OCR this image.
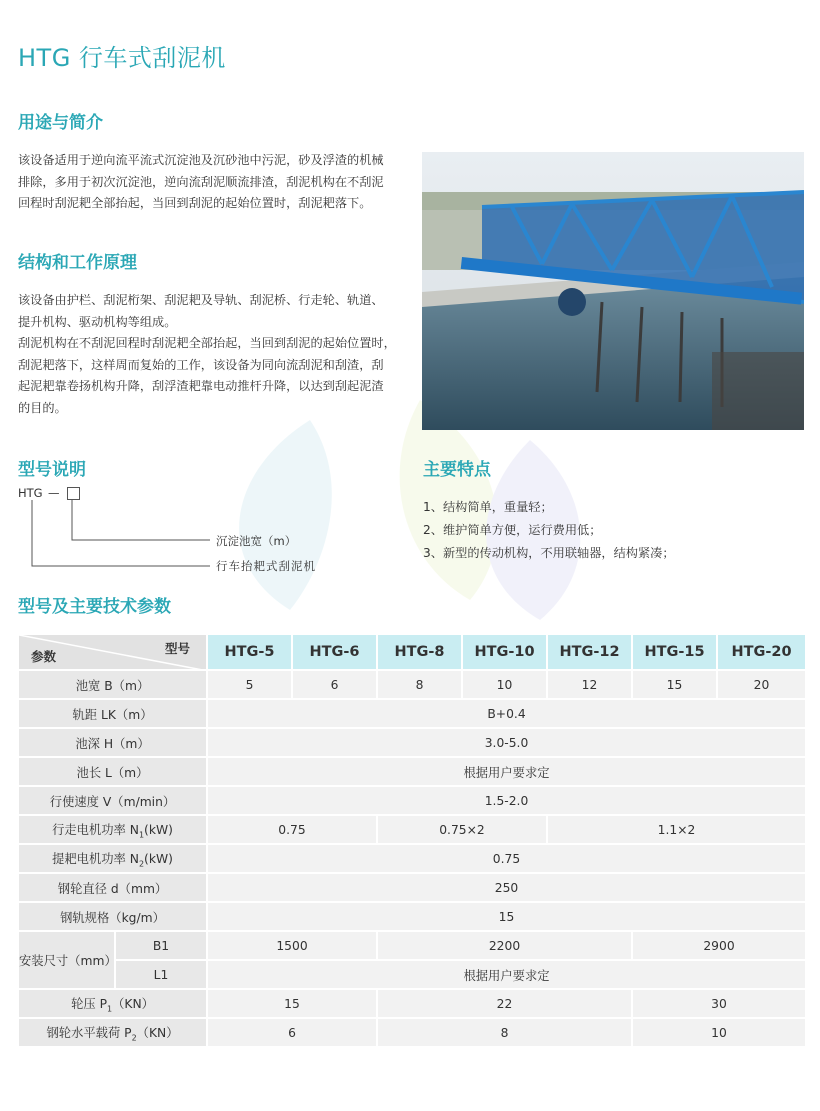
HTG 行车式刮泥机
用途与简介
该设备适用于逆向流平流式沉淀池及沉砂池中污泥，砂及浮渣的机械
排除，多用于初次沉淀池，逆向流刮泥顺流排渣，刮泥机构在不刮泥
回程时刮泥耙全部抬起，当回到刮泥的起始位置时，刮泥耙落下。
结构和工作原理
该设备由护栏、刮泥桁架、刮泥耙及导轨、刮泥桥、行走轮、轨道、
提升机构、驱动机构等组成。
刮泥机构在不刮泥回程时刮泥耙全部抬起，当回到刮泥的起始位置时，
刮泥耙落下，这样周而复始的工作，该设备为同向流刮泥和刮渣，刮
起泥耙靠卷扬机构升降，刮浮渣耙靠电动推杆升降，以达到刮起泥渣
的目的。
型号说明
HTG —
沉淀池宽（m）
行车抬耙式刮泥机
主要特点
1、结构简单，重量轻；
2、维护简单方便，运行费用低；
3、新型的传动机构，不用联轴器，结构紧凑；
型号及主要技术参数
型号
参数		HTG-5	HTG-6	HTG-8	HTG-10	HTG-12	HTG-15	HTG-20
池宽 B（m）		5	6	8	10	12	15	20
轨距 LK（m）		B+0.4						
池深 H（m）		3.0-5.0						
池长 L（m）		根据用户要求定						
行使速度 V（m/min）		1.5-2.0						
行走电机功率 $N_1(kW)$		0.75		0.75×2		1.1×2		
提耙电机功率 $N_2(kW)$		0.75						
钢轮直径 d（mm）		250						
钢轨规格（kg/m）		15						
安装尺寸（mm）	B1	1500		2200			2900	
	L1	根据用户要求定						
轮压 $P_1(KN)$		15		22			30	
钢轮水平载荷 $P_2(KN)$		6		8			10	
